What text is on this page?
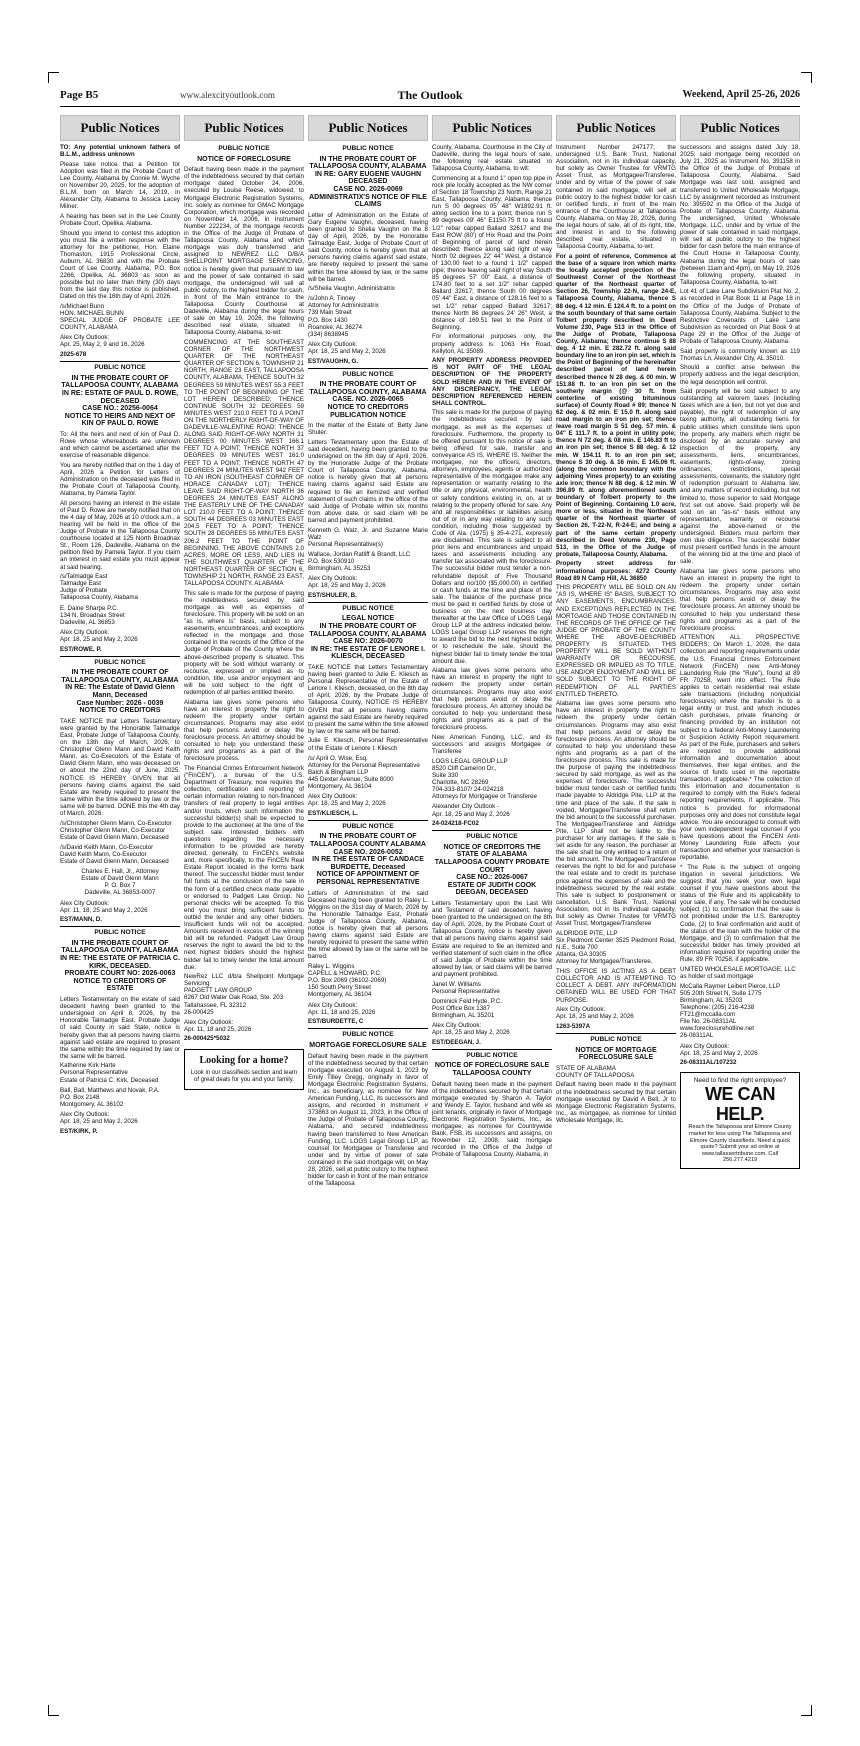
Page B5	www.alexcityoutlook.com	The Outlook	Weekend, April 25-26, 2026
Public Notices

TO: Any potential unknown fathers of B.L.M., address unknown

Please take notice that a Petition for Adoption was filed in the Probate Court of Lee County, Alabama by Connie M. Wyche on November 20, 2025, for the adoption of B.L.M. born on March 14, 2019, in Alexander City, Alabama to Jessica Lacey Milner.

A hearing has been set in the Lee County Probate Court, Opelika, Alabama.

Should you intend to contest this adoption you must file a written response with the attorney for the petitioner, Hon. Elaine Thomaston, 1915 Professional Circle, Auburn, AL 36830 and with the Probate Court of Lee County, Alabama, P.O. Box 2266, Opelika, AL 36803 as soon as possible but no later than thirty (30) days from the last day this notice is published. Dated on this the 16th day of April, 2026.

/s/Michael Bunn

HON. MICHAEL BUNN

SPECIAL JUDGE OF PROBATE LEE COUNTY, ALABAMA

Alex City Outlook:
Apr. 25, May 2, 9 and 16, 2026

2025-678

PUBLIC NOTICE
IN THE PROBATE COURT OF TALLAPOOSA COUNTY, ALABAMA
IN RE: ESTATE OF PAUL D. ROWE, DECEASED
CASE NO.: 20256-0064
NOTICE TO HEIRS AND NEXT OF KIN OF PAUL D. ROWE

To: All the heirs and next of kin of Paul D. Rowe whose whereabouts are unknown and which cannot be ascertained after the exercise of reasonable diligence.

You are hereby notified that on the 1 day of April, 2026 a Petition for Letters of Administration on the deceased was filed in the Probate Court of Tallapoosa County, Alabama, by Pamela Taylor.

All persons having an interest in the estate of Paul D. Rowe are hereby notified that on the 4 day of May, 2026 at 10 o'clock a.m., a hearing will be held in the office of the Judge of Probate in the Tallapoosa County courthouse located at 125 North Broadnax St., Room 126, Dadeville, Alabama on the petition filed by Pamela Taylor. If you claim an interest in said estate you must appear at said hearing.

/s/Talmadge East

Talmadge East

Judge of Probate

Tallapoosa County, Alabama

E. Daine Sharpe P.C.

134 N. Broadnax Street

Dadeville, AL 36853

Alex City Outlook:
Apr. 18, 25 and May 2, 2026

EST/ROWE, P.

PUBLIC NOTICE
IN THE PROBATE COURT OF TALLAPOOSA COUNTY, ALABAMA
IN RE: The Estate of David Glenn Mann, Deceased
Case Number: 2026 - 0039
NOTICE TO CREDITORS

TAKE NOTICE that Letters Testamentary were granted by the Honorable Talmadge East, Probate Judge of Tallapoosa County, on the 13th day of March, 2026, to Christopher Glenn Mann and David Keith Mann, as Co-Executors of the Estate of David Glenn Mann, who was deceased on or about the 22nd day of June, 2025. NOTICE IS HEREBY GIVEN that all persons having claims against the said Estate are hereby required to present the same within the time allowed by law or the same will be barred. DONE this the 4th day of March, 2026.

/s/Christopher Glenn Mann, Co-Executor

Christopher Glenn Mann, Co-Executor

Estate of David Glenn Mann, Deceased

/s/David Keith Mann, Co-Executor

David Keith Mann, Co-Executor

Estate of David Glenn Mann, Deceased

Charles E. Hall, Jr., Attorney

Estate of David Glenn Mann

P. O. Box 7

Dadeville, AL 36853-0007

Alex City Outlook:
Apr. 11, 18, 25 and May 2, 2026

EST/MANN, D.

PUBLIC NOTICE
IN THE PROBATE COURT OF TALLAPOOSA COUNTY, ALABAMA
IN RE: THE ESTATE OF PATRICIA C. KIRK, DECEASED.
PROBATE COURT NO: 2026-0063
NOTICE TO CREDITORS OF ESTATE

Letters Testamentary on the estate of said decedent having been granted to the undersigned on April 8, 2026, by the Honorable Talmadge East, Probate Judge of said County in said State, notice is hereby given that all persons having claims against said estate are required to present the same within the time required by law or the same will be barred.

Katherine Kirk Harte

Personal Representative

Estate of Patricia C. Kirk, Deceased

Ball, Ball, Matthews and Novak, P.A.

P.O. Box 2148

Montgomery, AL 36102

Alex City Outlook:
Apr. 18, 25 and May 2, 2026

EST/KIRK, P.

Public Notices
PUBLIC NOTICE
NOTICE OF FORECLOSURE

Default having been made in the payment of the indebtedness secured by that certain mortgage dated October 24, 2006, executed by Louise Reese, widowed, to Mortgage Electronic Registration Systems, Inc. solely as nominee for GMAC Mortgage Corporation, which mortgage was recorded on November 14, 2006, in Instrument Number 222234, of the mortgage records in the Office of the Judge of Probate of Tallapoosa County, Alabama and which mortgage was duly transferred and assigned to NEWREZ LLC D/B/A SHELLPOINT MORTGAGE SERVICING, notice is hereby given that pursuant to law and the power of sale contained in said mortgage, the undersigned will sell at public outcry, to the highest bidder for cash, in front of the Main entrance to the Tallapoosa County Courthouse at Dadeville, Alabama during the legal hours of sale on May 19, 2026, the following described real estate, situated in Tallapoosa County, Alabama, to-wit:

COMMENCING AT THE SOUTHEAST CORNER OF THE NORTHWEST QUARTER OF THE NORTHEAST QUARTER OF SECTION 6, TOWNSHIP 21 NORTH, RANGE 23 EAST, TALLAPOOSA COUNTY, ALABAMA; THENCE SOUTH 32 DEGREES 59 MINUTES WEST 55.3 FEET TO THE POINT OF BEGINNING OF THE LOT HEREIN DESCRIBED; THENCE CONTINUE SOUTH 32 DEGREES 59 MINUTES WEST 210.0 FEET TO A POINT ON THE NORTHERLY RIGHT-OF-WAY OF DADEVILLE-VALENTINE ROAD; THENCE ALONG SAID RIGHT-OF-WAY NORTH 31 DEGREES 00 MINUTES WEST 166.1 FEET TO A POINT; THENCE NORTH 37 DEGREES 09 MINUTES WEST 161.0 FEET TO A POINT; THENCE NORTH 47 DEGREES 24 MINUTES WEST 942 FEET TO AN IRON (SOUTHEAST CORNER OF HORACE CANADAY LOT); THENCE LEAVE SAID RIGHT-OF-WAY NORTH 36 DEGREES 24 MINUTES EAST ALONG THE EASTERLY LINE OF THE CANADAY LOT 210.0 FEET TO A POINT; THENCE SOUTH 44 DEGREES 03 MINUTES EAST 204.5 FEET TO A POINT; THENCE SOUTH 28 DEGREES 55 MINUTES EAST 206.2 FEET TO THE POINT OF BEGINNING. THE ABOVE CONTAINS 2.0 ACRES, MORE OR LESS, AND LIES IN THE SOUTHWEST QUARTER OF THE NORTHEAST QUARTER OF SECTION 6, TOWNSHIP 21 NORTH, RANGE 23 EAST, TALLAPOOSA COUNTY, ALABAMA

This sale is made for the purpose of paying the indebtedness secured by said mortgage as well as expenses of foreclosure. This property will be sold on an "as is, where is" basis, subject to any easements, encumbrances, and exceptions reflected in the mortgage and those contained in the records of the Office of the Judge of Probate of the County where the above-described property is situated. This property will be sold without warranty or recourse, expressed or implied as to condition, title, use and/or enjoyment and will be sold subject to the right of redemption of all parties entitled thereto.

Alabama law gives some persons who have an interest in property the right to redeem the property under certain circumstances. Programs may also exist that help persons avoid or delay the foreclosure process. An attorney should be consulted to help you understand these rights and programs as a part of the foreclosure process.

The Financial Crimes Enforcement Network ("FinCEN"), a bureau of the U.S. Department of Treasury, now requires the collection, certification and reporting of certain information relating to non-financed transfers of real property to legal entities and/or trusts, which such information the successful bidder(s) shall be expected to provide to the auctioneer at the time of the subject sale. Interested bidders with questions regarding the necessary information to be provided are hereby directed, generally, to FinCEN's website and, more specifically, to the FinCEN Real Estate Report located in the forms bank thereof. The successful bidder must tender full funds at the conclusion of the sale in the form of a certified check made payable or endorsed to Padgett Law Group. No personal checks will be accepted. To this end you must bring sufficient funds to outbid the lender and any other bidders. Insufficient funds will not be accepted. Amounts received in excess of the winning bid will be refunded. Padgett Law Group reserves the right to award the bid to the next highest bidders should the highest bidder fail to timely tender the total amount due.

NewRez LLC d/b/a Shellpoint Mortgage Servicing

PADGETT LAW GROUP

6267 Old Water Oak Road, Ste. 203

Tallahassee, FL 32312

26-000425

Alex City Outlook:
Apr. 11, 18 and 25, 2026

26-000425*5032

Looking for a home?
Look in our classifieds section and learn of great deals for you and your family.
Public Notices
PUBLIC NOTICE
IN THE PROBATE COURT OF TALLAPOOSA COUNTY, ALABAMA
IN RE: GARY EUGENE VAUGHN DECEASED
CASE NO. 2026-0069
ADMINISTRATIX'S NOTICE OF FILE CLAIMS

Letter of Administration on the Estate of Gary Eugene Vaughn, deceased, having been granted to Shelia Vaughn on the 8 day of April, 2026, by the Honorable Talmadge East, Judge of Probate Court of said County, notice is hereby given that all persons having claims against said estate, are hereby required to present the same within the time allowed by law, or the same will be barred.

/s/Shelia Vaughn, Administratrix

/s/John A. Tinney

Attorney for Administratrix

739 Main Street

P.O. Box 1430

Roanoke, AL 36274

(334) 8638945

Alex City Outlook:
Apr. 18, 25 and May 2, 2026

EST/VAUGHN, G.

PUBLIC NOTICE
IN THE PROBATE COURT OF TALLAPOOSA COUNTY, ALABAMA
CASE. NO. 2026-0065
NOTICE TO CREDITORS PUBLICATION NOTICE

In the matter of the Estate of: Betty Jane Shuler.

Letters Testamentary upon the Estate of said decedent, having been granted to the undersigned on the 8th day of April, 2026, by the Honorable Judge of the Probate Court of Tallapoosa County, Alabama, notice is hereby given that all persons having claims against said Estate are required to file an itemized and verified statement of such claims in the office of the said Judge of Probate within six months from above date, or said claim will be barred and payment prohibited.

Kenneth G. Walz, Jr. and Suzanne Marie Walz

Personal Representative(s)

Wallace, Jordan Ratliff & Brandt, LLC

P.O. Box 530910

Birmingham, AL 35253

Alex City Outlook:
Apr. 18, 25 and May 2, 2026

EST/SHULER, B.

PUBLIC NOTICE
LEGAL NOTICE
IN THE PROBATE COURT OF TALLAPOOSA COUNTY, ALABAMA
CASE NO: 2026-0070
IN RE: THE ESTATE OF LENORE I. KLIESCH, DECEASED

TAKE NOTICE that Letters Testamentary having been granted to Julie E. Kliesch as Personal Representative of the Estate of Lenore I. Kliesch, deceased, on the 8th day of April, 2026, by the Probate Judge of Tallapoosa County, NOTICE IS HEREBY GIVEN that all persons having claims against the said Estate are hereby required to present the same within the time allowed by law or the same will be barred.

Julie E. Kliesch, Personal Representative of the Estate of Lenore I. Kliesch

/s/ April O. Wise, Esq.

Attorney for the Personal Representative

Balch & Bingham LLP

445 Dexter Avenue, Suite 8000

Montgomery, AL 36104

Alex City Outlook:
Apr. 18, 25 and May 2, 2026

EST/KLIESCH, L.

PUBLIC NOTICE
IN THE PROBATE COURT OF TALLAPOOSA COUNTY ALABAMA
CASE NO. 2026-0052
IN RE THE ESTATE OF CANDACE BURDETTE, Deceased
NOTICE OF APPOINTMENT OF PERSONAL REPRESENTATIVE

Letters of Administration of the said Deceased having been granted to Raley L. Wiggins on the 31st day of March, 2026 by the Honorable Talmadge East, Probate Judge of Tallapoosa County, Alabama, notice is hereby given that all persons having claims against said Estate are hereby required to present the same within the time allowed by law or the same will be barred.

Raley L. Wiggins

CAPELL & HOWARD, P.C.

P.O. Box 2069 (36102-2069)

150 South Perry Street

Montgomery, AL 36104

Alex City Outlook:
Apr. 11, 18 and 25, 2026

EST/BURDETTE, C

PUBLIC NOTICE
MORTGAGE FORECLOSURE SALE

Default having been made in the payment of the indebtedness secured by that certain mortgage executed on August 1, 2023 by Emily Tilley Gregg, originally in favor of Mortgage Electronic Registration Systems, Inc., as beneficiary, as nominee for New American Funding, LLC, its successors and assigns, and recorded in Instrument # 373863 on August 11, 2023, in the Office of the Judge of Probate of Tallapoosa County, Alabama, and secured indebtedness having been transferred to New American Funding, LLC. LOGS Legal Group LLP, as counsel for Mortgagee or Transferee and under and by virtue of power of sale contained in the said mortgage will, on May 28, 2026, sell at public outcry to the highest bidder for cash in front of the main entrance of the Tallapoosa

Public Notices

County, Alabama, Courthouse in the City of Dadeville, during the legal hours of sale, the following real estate situated in Tallapoosa County, Alabama, to wit:

Commencing at a found 1" open top pipe in rock pile locally accepted as the NW corner of Section 18 Township 23 North, Range 21 East, Tallapoosa County, Alabama; thence run S 00 degrees 05' 48" W1892.91 ft. along section line to a point; thence run S 89 degrees 09' 46" E1150.75 ft to a found 1/2" rebar capped Ballard 32617 and the East ROW (80') of Hix Road and the Point of Beginning of parcel of land herein described; thence along said right of way North 02 degrees 22' 44" West, a distance of 130.00 feet to a found 1 1/2" capped pipe; thence leaving said right of way South 85 degrees 57' 00" East, a distance of 174.80 feet to a set 1/2" rebar capped Ballard 32617; thence South 00 degrees 05' 44" East, a distance of 128.16 feet to a set 1/2" rebar capped Ballard 32617; thence North 86 degrees 24' 26" West, a distance of 169.51 feet to the Point of Beginning.

For informational purposes only, the property address is: 1063 Hix Road, Kellyton, AL 35089.

ANY PROPERTY ADDRESS PROVIDED IS NOT PART OF THE LEGAL DESCRIPTION OF THE PROPERTY SOLD HEREIN AND IN THE EVENT OF ANY DISCREPANCY, THE LEGAL DESCRIPTION REFERENCED HEREIN SHALL CONTROL.

This sale is made for the purpose of paying the indebtedness secured by said mortgage, as well as the expenses of foreclosure. Furthermore, the property to be offered pursuant to this notice of sale is being offered for sale, transfer and conveyance AS IS, WHERE IS. Neither the mortgagee, nor the officers, directors, attorneys, employees, agents or authorized representative of the mortgagee make any representation or warranty relating to the title or any physical, environmental, health or safety conditions existing in, on, at or relating to the property offered for sale. Any and all responsibilities or liabilities arising out of or in any way relating to any such condition, including those suggested by Code of Ala. (1975) § 35-4-271, expressly are disclaimed. This sale is subject to all prior liens and encumbrances and unpaid taxes and assessments including any transfer tax associated with the foreclosure. The successful bidder must tender a non-refundable deposit of Five Thousand Dollars and no/100 ($5,000.00) in certified or cash funds at the time and place of the sale. The balance of the purchase price must be paid in certified funds by close of business on the next business day thereafter at the Law Office of LOGS Legal Group LLP at the address indicated below. LOGS Legal Group LLP reserves the right to award the bid to the next highest bidder, or to reschedule the sale, should the highest bidder fail to timely tender the total amount due.

Alabama law gives some persons who have an interest in property the right to redeem the property under certain circumstances. Programs may also exist that help persons avoid or delay the foreclosure process. An attorney should be consulted to help you understand these rights and programs as a part of the foreclosure process.

New American Funding, LLC, and its successors and assigns Mortgagee or Transferee

LOGS LEGAL GROUP LLP

8520 Cliff Cameron Dr.,

Suite 330

Charlotte, NC 28269

704-333-8107/ 24-024218

Attorneys for Mortgagee or Transferee

Alexander City Outlook -
Apr. 18, 25 and May 2, 2026

24-024218-FC02

PUBLIC NOTICE
NOTICE OF CREDITORS THE STATE OF ALABAMA TALLAPOOSA COUNTY PROBATE COURT
CASE NO.: 2026-0067
ESTATE OF JUDITH COOK DEEGAN, DECEASED

Letters Testamentary upon the Last Will and Testament of said decedent, having been granted to the undersigned on the 8th day of April, 2026, by the Probate Court of Tallapoosa County, notice is hereby given that all persons having claims against said Estate are required to file an itemized and verified statement of such claim in the office of said Judge of Probate within the time allowed by law, or said claims will be barred and payment prohibited.

Janet W. Williams

Personal Representative

Dominick Feld Hyde, P.C.

Post Office Box 1387

Birmingham, AL 35201

Alex City Outlook:
Apr. 18, 25 and May 2, 2026

EST/DEEGAN, J.

PUBLIC NOTICE
NOTICE OF FORECLOSURE SALE
TALLAPOOSA COUNTY

Default having been made in the payment of the indebtedness secured by that certain mortgage executed by Sharon A. Taylor and Wendy E. Taylor, husband and wife as joint tenants, originally in favor of Mortgage Electronic Registration Systems, Inc., as mortgagee, as nominee for Countrywide Bank, FSB, its successors and assigns, on November 12, 2008, said mortgage recorded in the Office of the Judge of Probate of Tallapoosa County, Alabama, in

Public Notices

Instrument Number 247177; the undersigned U.S. Bank Trust, National Association, not in its individual capacity, but solely as Owner Trustee for VRMTG Asset Trust, as Mortgagee/Transferee, under and by virtue of the power of sale contained in said mortgage, will sell at public outcry to the highest bidder for cash or certified funds, in front of the main entrance of the Courthouse at Tallapoosa County, Alabama, on May 28, 2026, during the legal hours of sale, all of its right, title, and interest in and to the following described real estate, situated in Tallapoosa County, Alabama, to-wit:

For a point of reference, Commence at the base of a square iron which marks the locally accepted projection of the Southwest Corner of the Northeast quarter of the Northeast quarter of Section 26, Township 22-N, range 24-E, Tallapoosa County, Alabama, thence S 88 deg. 4 12 min. E 124.4 ft. to a point on the south boundary of that same certain Tolbert property described in Deed Volume 230, Page 513 in the Office of the Judge of Probate, Tallapoosa County, Alabama; thence continue S 88 deg. 4 12 min. E 282.72 ft. along said boundary line to an iron pin set, which is the Point of Beginning of the hereinafter described parcel of land herein described thence N 28 deg. & 00 min. W 151.88 ft. to an iron pin set on the southerly margin (@ 30 ft. from centerline of existing bituminous surface) of County Road # 89; thence N 62 deg. & 02 min. E 15.0 ft. along said road margin to an iron pin set; thence leave road margin S 51 deg. 57 min. & 04" E 111.7 ft. to a point in utility pole; thence N 72 deg. & 08 min. E 146.83 ft to an iron pin set; thence S 88 deg. & 12 min. W 154.11 ft. to an iron pin set; thence S 30 deg. & 16 min. E 145.06 ft. (along the common boundary with the adjoining Vines property) to an existing axle iron; thence N 88 deg. & 12 min. W 396.89 ft. along aforementioned south boundary of Tolbert property to the Point of Beginning. Containing 1.0 acre, more or less, situated in the Northeast quarter of the Northeast quarter of Section 26, T-22-N, R-24-E; and being a part of the same certain property described in Deed Volume 230, Page 513, in the Office of the Judge of probate, Tallapoosa County, Alabama.

Property street address for informational purposes: 4272 County Road 89 N Camp Hill, AL 36850

THIS PROPERTY WILL BE SOLD ON AN "AS IS, WHERE IS" BASIS, SUBJECT TO ANY EASEMENTS, ENCUMBRANCES, AND EXCEPTIONS REFLECTED IN THE MORTGAGE AND THOSE CONTAINED IN THE RECORDS OF THE OFFICE OF THE JUDGE OF PROBATE OF THE COUNTY WHERE THE ABOVE-DESCRIBED PROPERTY IS SITUATED. THIS PROPERTY WILL BE SOLD WITHOUT WARRANTY OR RECOURSE, EXPRESSED OR IMPLIED AS TO TITLE, USE AND/OR ENJOYMENT AND WILL BE SOLD SUBJECT TO THE RIGHT OF REDEMPTION OF ALL PARTIES ENTITLED THERETO.

Alabama law gives some persons who have an interest in property the right to redeem the property under certain circumstances. Programs may also exist that help persons avoid or delay the foreclosure process. An attorney should be consulted to help you understand these rights and programs as a part of the foreclosure process. This sale is made for the purpose of paying the indebtedness secured by said mortgage, as well as the expenses of foreclosure. The successful bidder must tender cash or certified funds made payable to Aldridge Pite, LLP at the time and place of the sale. If the sale is voided, Mortgagee/Transferee shall return the bid amount to the successful purchaser. The Mortgagee/Transferee and Aldridge Pite, LLP shall not be liable to the purchaser for any damages. If the sale is set aside for any reason, the purchaser at the sale shall be only entitled to a return of the bid amount. The Mortgagee/Transferee reserves the right to bid for and purchase the real estate and to credit its purchase price against the expenses of sale and the indebtedness secured by the real estate. This sale is subject to postponement or cancellation. U.S. Bank Trust, National Association, not in its individual capacity, but solely as Owner Trustee for VRMTG Asset Trust, Mortgagee/Transferee

ALDRIDGE PITE, LLP

Six Piedmont Center 3525 Piedmont Road, N.E., Suite 700

Atlanta, GA 30305

Attorney for Mortgagee/Transferee.

THIS OFFICE IS ACTING AS A DEBT COLLECTOR AND IS ATTEMPTING TO COLLECT A DEBT. ANY INFORMATION OBTAINED WILL BE USED FOR THAT PURPOSE.

Alex City Outlook:
Apr. 18, 25 and May 2, 2026

1263-5397A

PUBLIC NOTICE
NOTICE OF MORTGAGE FORECLOSURE SALE

STATE OF ALABAMA
COUNTY OF TALLAPOOSA

Default having been made in the payment of the indebtedness secured by that certain mortgage executed by David A Bell, Jr to Mortgage Electronic Registration Systems, Inc., as mortgagee, as nominee for United Wholesale Mortgage, llc,

Public Notices

successors and assigns dated July 18, 2025; said mortgage being recorded on July 21, 2025 as Instrument No. 391158 in the Office of the Judge of Probate of Tallapoosa County, Alabama. Said Mortgage was last sold, assigned and transferred to United Wholesale Mortgage, LLC by assignment recorded as Instrument No. 395592 in the Office of the Judge of Probate of Tallapoosa County, Alabama. The undersigned, United Wholesale Mortgage, LLC, under and by virtue of the power of sale contained in said mortgage, will sell at public outcry to the highest bidder for cash before the main entrance of the Court House in Tallapoosa County, Alabama during the legal hours of sale (between 11am and 4pm), on May 19, 2026 the following property, situated in Tallapoosa County, Alabama, to-wit:

Lot 41 of Lake Lane Subdivision Plat No. 2, as recorded in Plat Book 11 at Page 18 in the Office of the Judge of Probate of Tallapoosa County, Alabama. Subject to the Restrictive Covenants of Lake Lane Subdivision as recorded on Plat Book 9 at Page 29 in the Office of the Judge of Probate of Tallapoosa County, Alabama.

Said property is commonly known as 119 Thomas Ln, Alexander City, AL 35010.

Should a conflict arise between the property address and the legal description, the legal description will control.

Said property will be sold subject to any outstanding ad valorem taxes (including taxes which are a lien, but not yet due and payable), the right of redemption of any taxing authority, all outstanding liens for public utilities which constitute liens upon the property, any matters which might be disclosed by an accurate survey and inspection of the property, any assessments, liens, encumbrances, easements, rights-of-way, zoning ordinances, restrictions, special assessments, covenants, the statutory right of redemption pursuant to Alabama law, and any matters of record including, but not limited to, those superior to said Mortgage first set out above. Said property will be sold on an "as-is" basis without any representation, warranty or recourse against the above-named or the undersigned. Bidders must perform their own due diligence. The successful bidder must present certified funds in the amount of the winning bid at the time and place of sale.

Alabama law gives some persons who have an interest in property the right to redeem the property under certain circumstances. Programs may also exist that help persons avoid or delay the foreclosure process. An attorney should be consulted to help you understand these rights and programs as a part of the foreclosure process.

ATTENTION ALL PROSPECTIVE BIDDERS: On March 1, 2026, the data collection and reporting requirements under the U.S. Financial Crimes Enforcement Network (FinCEN) new Anti-Money Laundering Rule (the "Rule"), found at 89 FR 70258, went into effect. The Rule applies to certain residential real estate sale transactions (including nonjudicial foreclosures) where the transfer is to a legal entity or trust, and which includes cash purchases, private financing or financing provided by an institution not subject to a federal Anti-Money Laundering or Suspicion Activity Report requirement. As part of the Rule, purchasers and sellers are required to provide additional information and documentation about themselves, their legal entities, and the source of funds used in the reportable transaction, if applicable.* The collection of this information and documentation is required to comply with the Rule's federal reporting requirements, if applicable. This notice is provided for informational purposes only and does not constitute legal advice. You are encouraged to consult with your own independent legal counsel if you have questions about the FinCEN Anti-Money Laundering Rule affects your transaction and whether your transaction is reportable.

* The Rule is the subject of ongoing litigation in several jurisdictions. We suggest that you seek your own legal counsel if you have questions about the status of the Rule and its applicability to your sale, if any. The sale will be conducted subject (1) to confirmation that the sale is not prohibited under the U.S. Bankruptcy Code, (2) to final confirmation and audit of the status of the loan with the holder of the Mortgage, and (3) to confirmation that the successful bidder has timely provided all information required for reporting under the Rule, 89 FR 70258, if applicable.

UNITED WHOLESALE MORTGAGE, LLC

as holder of said mortgage

McCalla Raymer Leibert Pierce, LLP

505 20th Street N, Suite 1775

Birmingham, AL 35203

Telephone: (205) 216-4238

FT21@mccalla.com

File No. 26-08311AL

www.foreclosurehotline.net

26-08311AL

Alex City Outlook:
Apr. 18, 25 and May 2, 2026

26-08311AL/107232

Need to find the right employee?
WE CAN HELP.
Reach the Tallapoosa and Elmore County market for less using The Tallapoosa and Elmore County classifieds. Need a quick quote? Submit your ad online at www.tallassertribune.com. Call 256.277.4219
